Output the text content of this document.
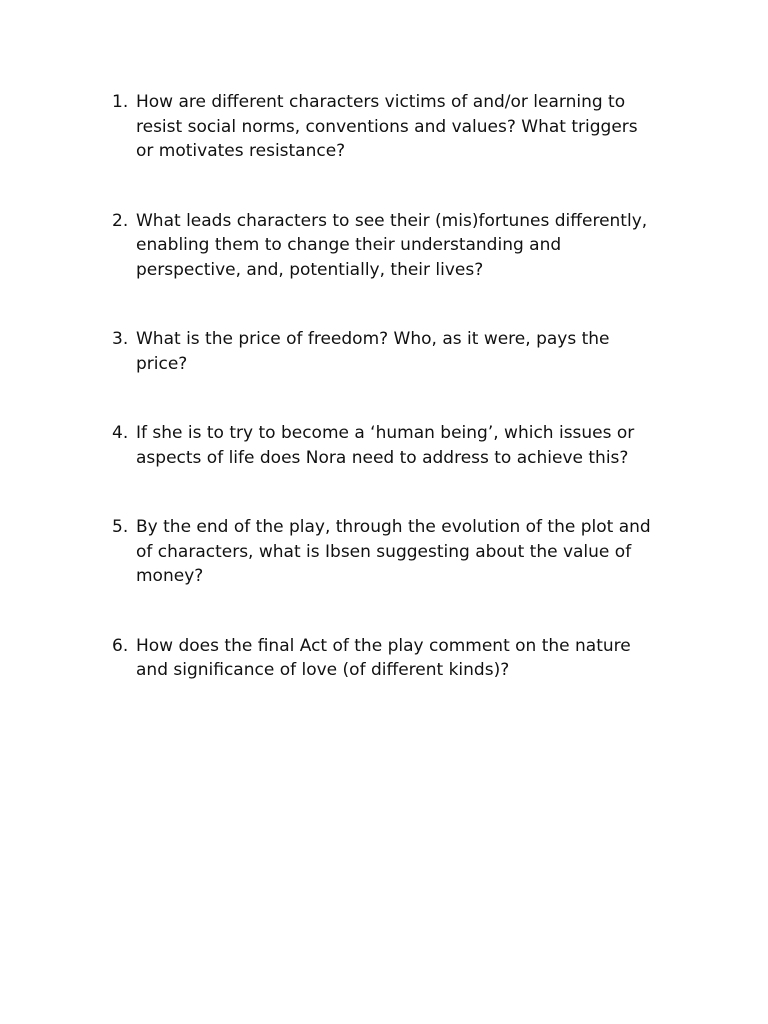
1. How are different characters victims of and/or learning to
resist social norms, conventions and values? What triggers
or motivates resistance?
2. What leads characters to see their (mis)fortunes differently,
enabling them to change their understanding and
perspective, and, potentially, their lives?
3. What is the price of freedom? Who, as it were, pays the
price?
4. If she is to try to become a ‘human being’, which issues or
aspects of life does Nora need to address to achieve this?
5. By the end of the play, through the evolution of the plot and
of characters, what is Ibsen suggesting about the value of
money?
6. How does the final Act of the play comment on the nature
and significance of love (of different kinds)?
